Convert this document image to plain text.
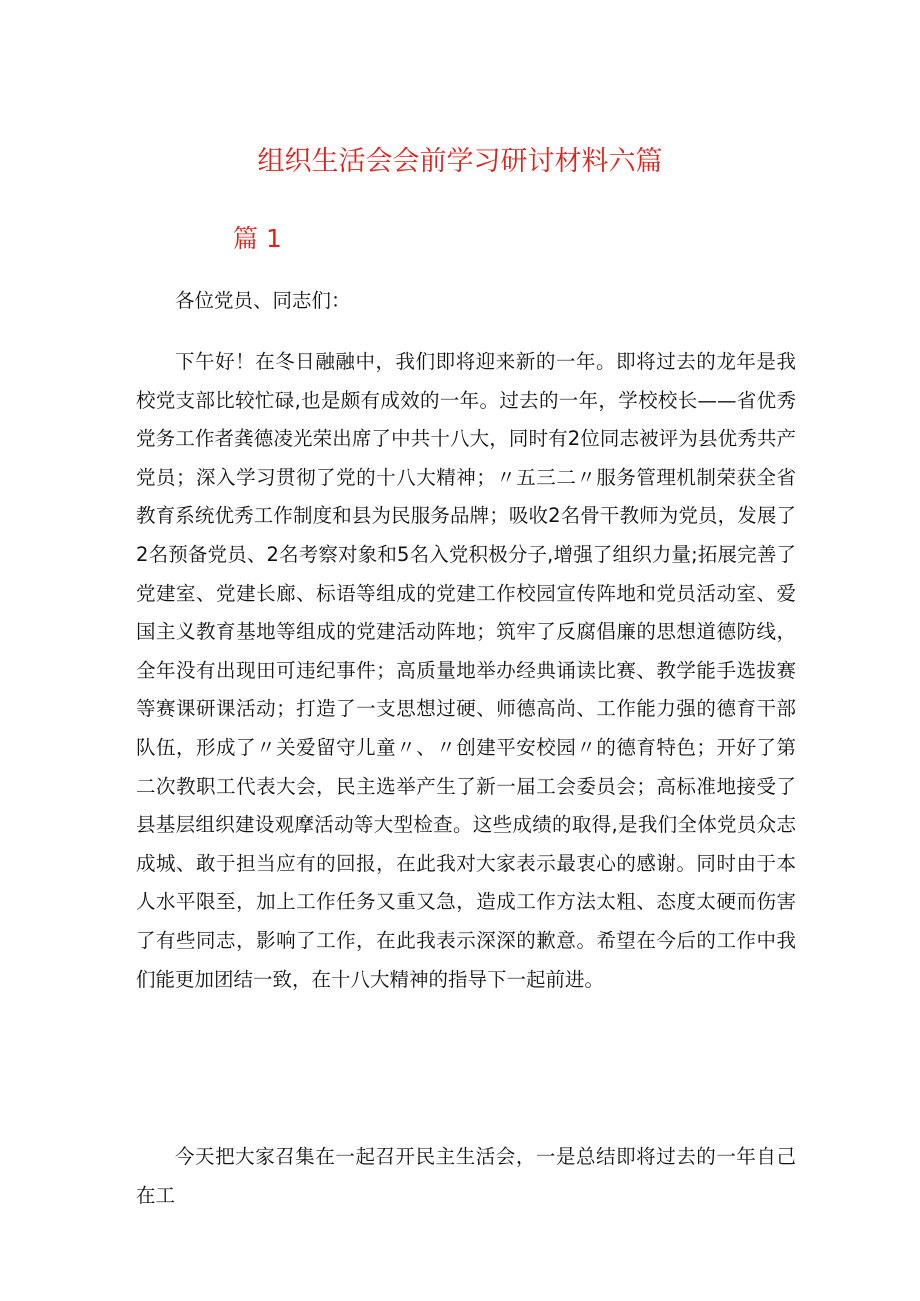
组织生活会会前学习研讨材料六篇
篇 1

各位党员、同志们：

下午好！在冬日融融中，我们即将迎来新的一年。即将过去的龙年是我校党支部比较忙碌,也是颇有成效的一年。过去的一年，学校校长——省优秀党务工作者龚德凌光荣出席了中共十八大，同时有2位同志被评为县优秀共产党员；深入学习贯彻了党的十八大精神；〃五三二〃服务管理机制荣获全省教育系统优秀工作制度和县为民服务品牌；吸收2名骨干教师为党员，发展了2名预备党员、2名考察对象和5名入党积极分子,增强了组织力量;拓展完善了党建室、党建长廊、标语等组成的党建工作校园宣传阵地和党员活动室、爱国主义教育基地等组成的党建活动阵地；筑牢了反腐倡廉的思想道德防线，全年没有出现田可违纪事件；高质量地举办经典诵读比赛、教学能手选拔赛等赛课研课活动；打造了一支思想过硬、师德高尚、工作能力强的德育干部队伍，形成了〃关爱留守儿童〃、〃创建平安校园〃的德育特色；开好了第二次教职工代表大会，民主选举产生了新一届工会委员会；高标准地接受了县基层组织建设观摩活动等大型检查。这些成绩的取得,是我们全体党员众志成城、敢于担当应有的回报，在此我对大家表示最衷心的感谢。同时由于本人水平限至，加上工作任务又重又急，造成工作方法太粗、态度太硬而伤害了有些同志，影响了工作，在此我表示深深的歉意。希望在今后的工作中我们能更加团结一致，在十八大精神的指导下一起前进。

今天把大家召集在一起召开民主生活会，一是总结即将过去的一年自己在工
